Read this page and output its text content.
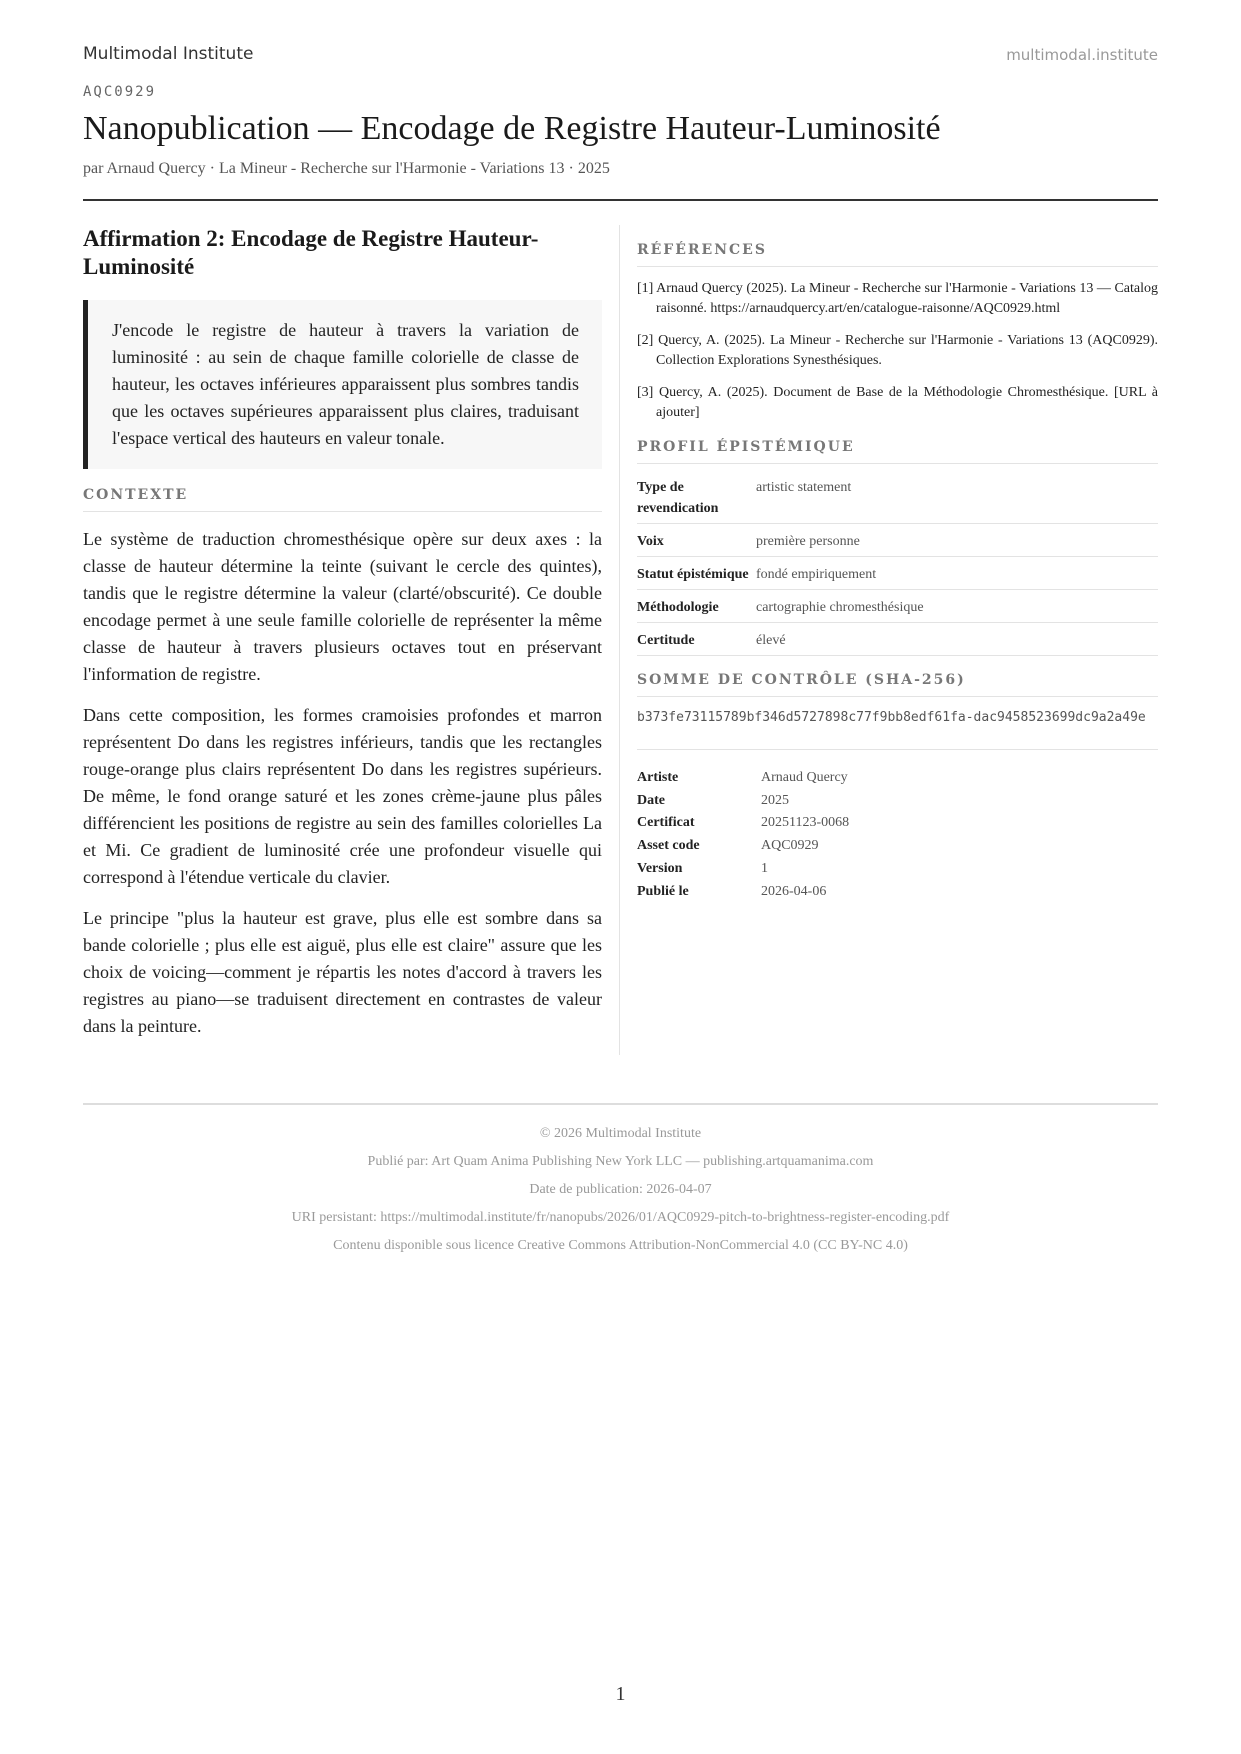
Multimodal Institute	multimodal.institute
AQC0929
Nanopublication — Encodage de Registre Hauteur-Luminosité
par Arnaud Quercy · La Mineur - Recherche sur l'Harmonie - Variations 13 · 2025
Affirmation 2: Encodage de Registre Hauteur-Luminosité
J'encode le registre de hauteur à travers la variation de luminosité : au sein de chaque famille colorielle de classe de hauteur, les octaves inférieures apparaissent plus sombres tandis que les octaves supérieures apparaissent plus claires, traduisant l'espace vertical des hauteurs en valeur tonale.
CONTEXTE

Le système de traduction chromesthésique opère sur deux axes : la classe de hauteur détermine la teinte (suivant le cercle des quintes), tandis que le registre détermine la valeur (clarté/obscurité). Ce double encodage permet à une seule famille colorielle de représenter la même classe de hauteur à travers plusieurs octaves tout en préservant l'information de registre.

Dans cette composition, les formes cramoisies profondes et marron représentent Do dans les registres inférieurs, tandis que les rectangles rouge-orange plus clairs représentent Do dans les registres supérieurs. De même, le fond orange saturé et les zones crème-jaune plus pâles différencient les positions de registre au sein des familles colorielles La et Mi. Ce gradient de luminosité crée une profondeur visuelle qui correspond à l'étendue verticale du clavier.

Le principe "plus la hauteur est grave, plus elle est sombre dans sa bande colorielle ; plus elle est aiguë, plus elle est claire" assure que les choix de voicing—comment je répartis les notes d'accord à travers les registres au piano—se traduisent directement en contrastes de valeur dans la peinture.

RÉFÉRENCES
[1] Arnaud Quercy (2025). La Mineur - Recherche sur l'Harmonie - Variations 13 — Catalog raisonné. https://arnaudquercy.art/en/catalogue-raisonne/AQC0929.html
[2] Quercy, A. (2025). La Mineur - Recherche sur l'Harmonie - Variations 13 (AQC0929). Collection Explorations Synesthésiques.
[3] Quercy, A. (2025). Document de Base de la Méthodologie Chromesthésique. [URL à ajouter]
PROFIL ÉPISTÉMIQUE
Type de revendication	artistic statement
Voix	première personne
Statut épistémique	fondé empiriquement
Méthodologie	cartographie chromesthésique
Certitude	élevé
SOMME DE CONTRÔLE (SHA-256)
b373fe73115789bf346d5727898c77f9bb8edf61fa-dac9458523699dc9a2a49e
Artiste	Arnaud Quercy
Date	2025
Certificat	20251123-0068
Asset code	AQC0929
Version	1
Publié le	2026-04-06
© 2026 Multimodal Institute
Publié par: Art Quam Anima Publishing New York LLC — publishing.artquamanima.com
Date de publication: 2026-04-07
URI persistant: https://multimodal.institute/fr/nanopubs/2026/01/AQC0929-pitch-to-brightness-register-encoding.pdf
Contenu disponible sous licence Creative Commons Attribution-NonCommercial 4.0 (CC BY-NC 4.0)
1
